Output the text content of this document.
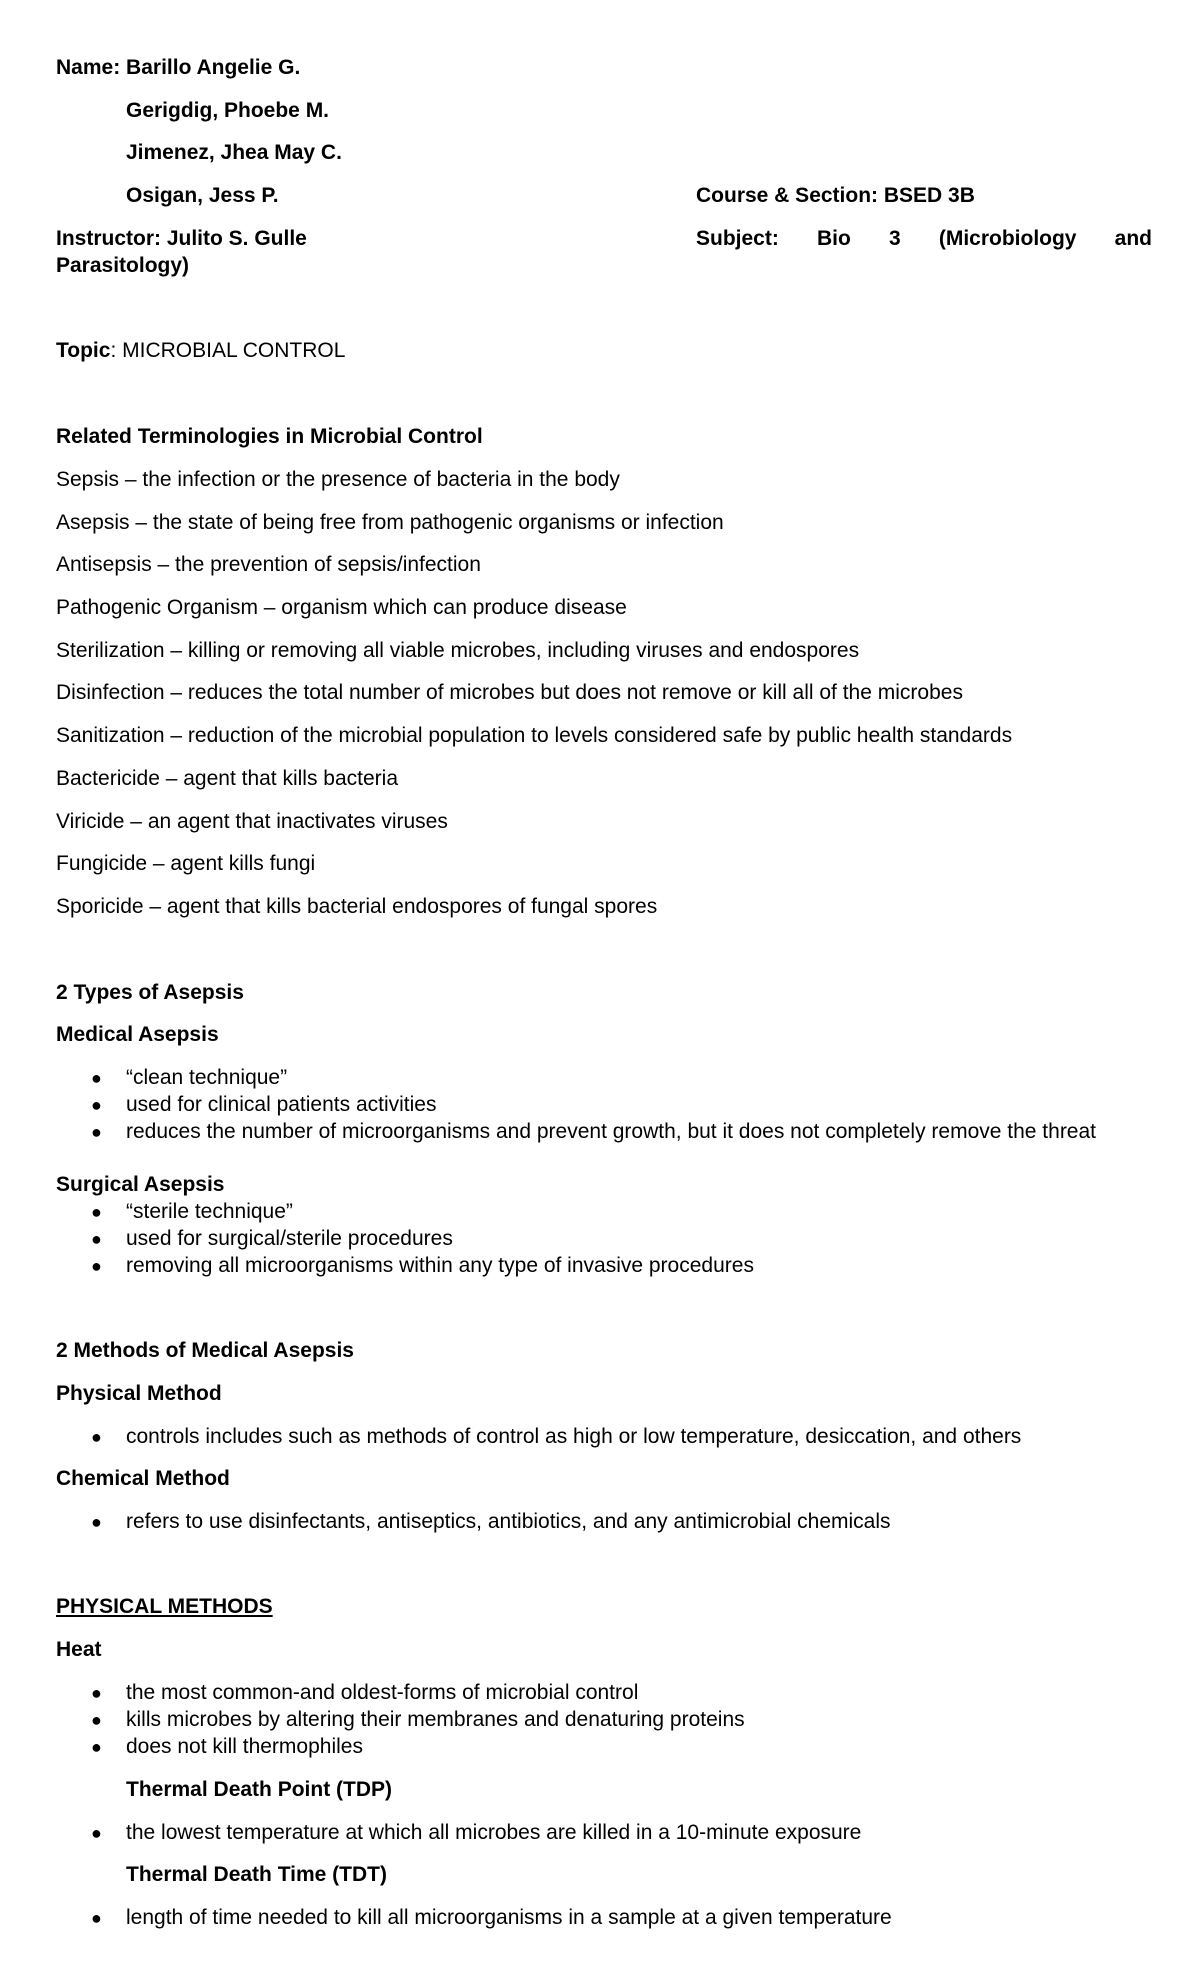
Name: Barillo Angelie G.
Gerigdig, Phoebe M.
Jimenez, Jhea May C.
Osigan, Jess P.	Course & Section: BSED 3B
Instructor: Julito S. Gulle	Subject: Bio 3 (Microbiology and
Parasitology)
Topic: MICROBIAL CONTROL
Related Terminologies in Microbial Control
Sepsis – the infection or the presence of bacteria in the body
Asepsis – the state of being free from pathogenic organisms or infection
Antisepsis – the prevention of sepsis/infection
Pathogenic Organism – organism which can produce disease
Sterilization – killing or removing all viable microbes, including viruses and endospores
Disinfection – reduces the total number of microbes but does not remove or kill all of the microbes
Sanitization – reduction of the microbial population to levels considered safe by public health standards
Bactericide – agent that kills bacteria
Viricide – an agent that inactivates viruses
Fungicide – agent kills fungi
Sporicide – agent that kills bacterial endospores of fungal spores
2 Types of Asepsis
Medical Asepsis
● “clean technique”
● used for clinical patients activities
● reduces the number of microorganisms and prevent growth, but it does not completely remove the threat
Surgical Asepsis
● “sterile technique”
● used for surgical/sterile procedures
● removing all microorganisms within any type of invasive procedures
2 Methods of Medical Asepsis
Physical Method
● controls includes such as methods of control as high or low temperature, desiccation, and others
Chemical Method
● refers to use disinfectants, antiseptics, antibiotics, and any antimicrobial chemicals
PHYSICAL METHODS
Heat
● the most common-and oldest-forms of microbial control
● kills microbes by altering their membranes and denaturing proteins
● does not kill thermophiles
Thermal Death Point (TDP)
● the lowest temperature at which all microbes are killed in a 10-minute exposure
Thermal Death Time (TDT)
● length of time needed to kill all microorganisms in a sample at a given temperature
